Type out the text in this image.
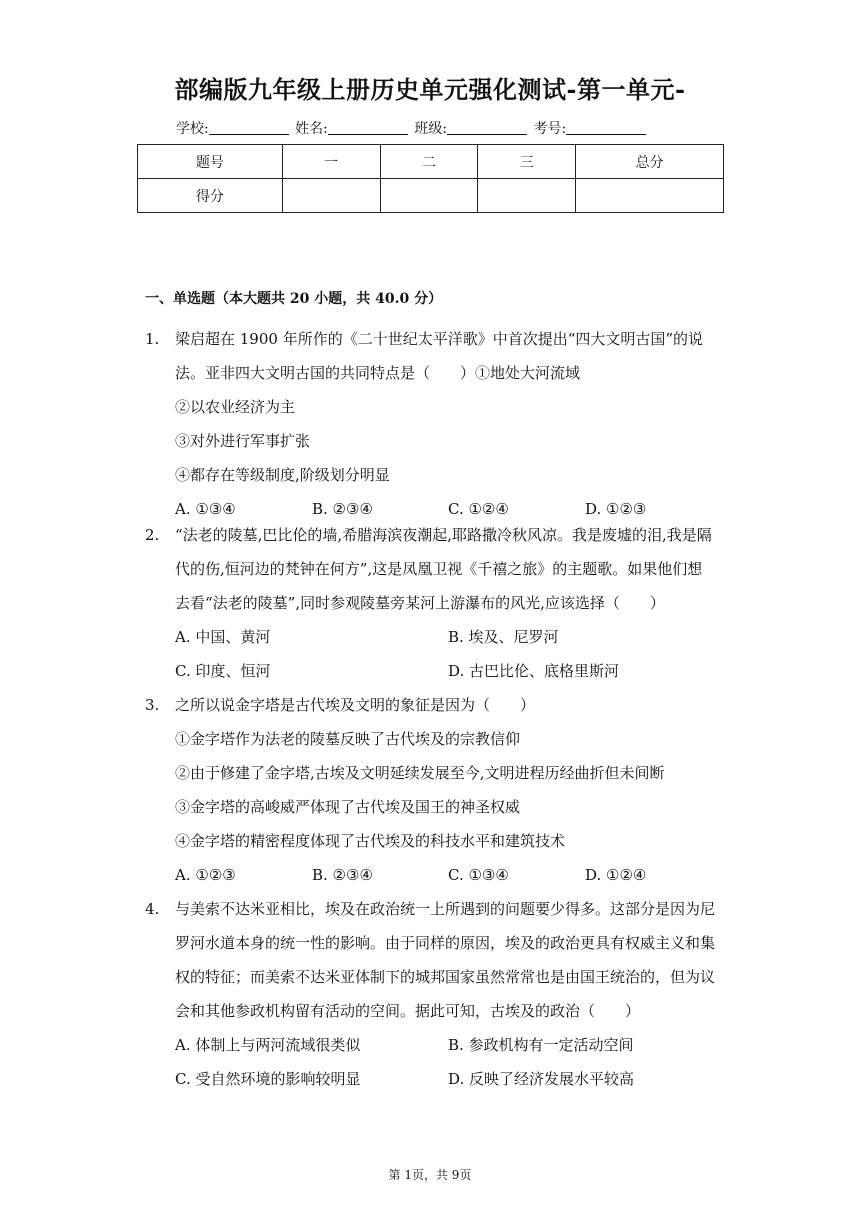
部编版九年级上册历史单元强化测试-第一单元-
学校:	姓名:	班级:	考号:
题号	一	二	三	总分
得分				
一、单选题（本大题共 20 小题，共 40.0 分）
1. 梁启超在 1900 年所作的《二十世纪太平洋歌》中首次提出“四大文明古国”的说
法。亚非四大文明古国的共同特点是（　　）①地处大河流域
②以农业经济为主
③对外进行军事扩张
④都存在等级制度,阶级划分明显
A. ①③④	B. ②③④	C. ①②④	D. ①②③
2. “法老的陵墓,巴比伦的墙,希腊海滨夜潮起,耶路撒冷秋风凉。我是废墟的泪,我是隔
代的伤,恒河边的梵钟在何方”,这是凤凰卫视《千禧之旅》的主题歌。如果他们想
去看“法老的陵墓”,同时参观陵墓旁某河上游瀑布的风光,应该选择（　　）
A. 中国、黄河	B. 埃及、尼罗河
C. 印度、恒河	D. 古巴比伦、底格里斯河
3. 之所以说金字塔是古代埃及文明的象征是因为（　　）
①金字塔作为法老的陵墓反映了古代埃及的宗教信仰
②由于修建了金字塔,古埃及文明延续发展至今,文明进程历经曲折但未间断
③金字塔的高峻威严体现了古代埃及国王的神圣权威
④金字塔的精密程度体现了古代埃及的科技水平和建筑技术
A. ①②③	B. ②③④	C. ①③④	D. ①②④
4. 与美索不达米亚相比，埃及在政治统一上所遇到的问题要少得多。这部分是因为尼
罗河水道本身的统一性的影响。由于同样的原因，埃及的政治更具有权威主义和集
权的特征；而美索不达米亚体制下的城邦国家虽然常常也是由国王统治的，但为议
会和其他参政机构留有活动的空间。据此可知，古埃及的政治（　　）
A. 体制上与两河流域很类似	B. 参政机构有一定活动空间
C. 受自然环境的影响较明显	D. 反映了经济发展水平较高
第 1页，共 9页
